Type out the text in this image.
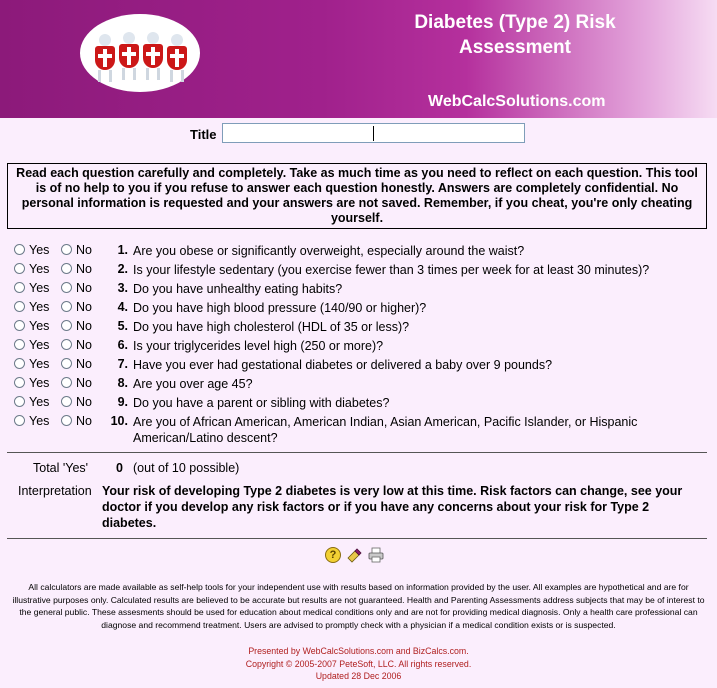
Diabetes (Type 2) Risk Assessment
WebCalcSolutions.com
Title
Read each question carefully and completely. Take as much time as you need to reflect on each question. This tool is of no help to you if you refuse to answer each question honestly. Answers are completely confidential. No personal information is requested and your answers are not saved. Remember, if you cheat, you're only cheating yourself.
Yes No	1. Are you obese or significantly overweight, especially around the waist?
Yes No	2. Is your lifestyle sedentary (you exercise fewer than 3 times per week for at least 30 minutes)?
Yes No	3. Do you have unhealthy eating habits?
Yes No	4. Do you have high blood pressure (140/90 or higher)?
Yes No	5. Do you have high cholesterol (HDL of 35 or less)?
Yes No	6. Is your triglycerides level high (250 or more)?
Yes No	7. Have you ever had gestational diabetes or delivered a baby over 9 pounds?
Yes No	8. Are you over age 45?
Yes No	9. Do you have a parent or sibling with diabetes?
Yes No 10. Are you of African American, American Indian, Asian American, Pacific Islander, or Hispanic American/Latino descent?
Total 'Yes' 0 (out of 10 possible)
Interpretation Your risk of developing Type 2 diabetes is very low at this time. Risk factors can change, see your doctor if you develop any risk factors or if you have any concerns about your risk for Type 2 diabetes.
?
All calculators are made available as self-help tools for your independent use with results based on information provided by the user. All examples are hypothetical and are for illustrative purposes only. Calculated results are believed to be accurate but results are not guaranteed. Health and Parenting Assessments address subjects that may be of interest to the general public. These assesments should be used for education about medical conditions only and are not for providing medical diagnosis. Only a health care professional can diagnose and recommend treatment. Users are advised to promptly check with a physician if a medical condition exists or is suspected.
Presented by WebCalcSolutions.com and BizCalcs.com.
Copyright © 2005-2007 PeteSoft, LLC. All rights reserved.
Updated 28 Dec 2006
